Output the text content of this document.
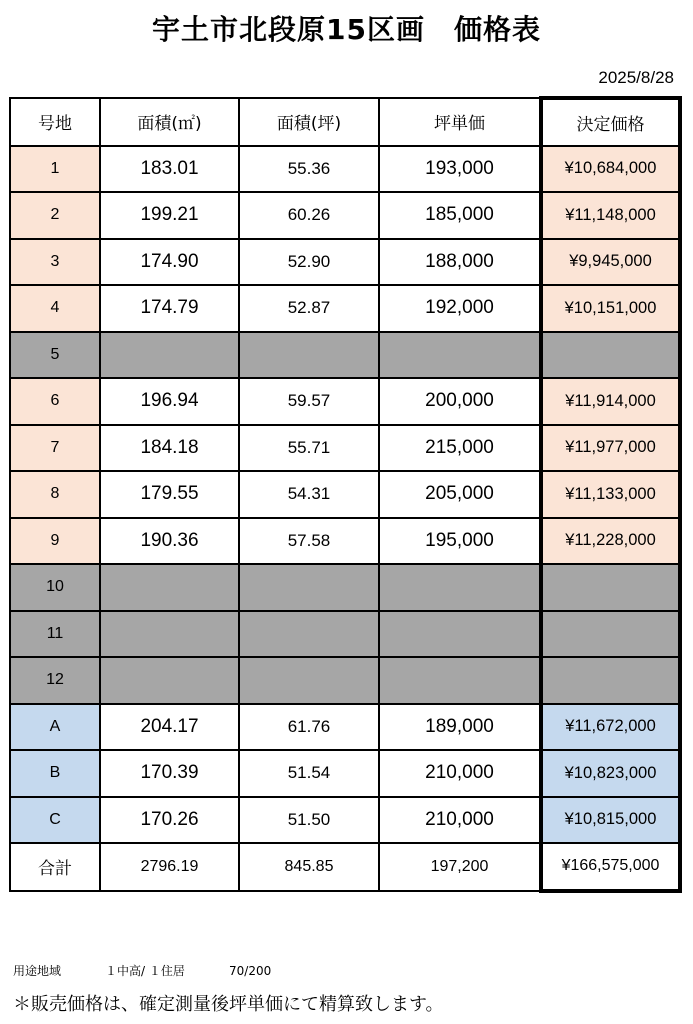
宇土市北段原15区画　価格表
2025/8/28
号地	面積(㎡)	面積(坪)	坪単価	決定価格
1	183.01	55.36	193,000	¥10,684,000
2	199.21	60.26	185,000	¥11,148,000
3	174.90	52.90	188,000	¥9,945,000
4	174.79	52.87	192,000	¥10,151,000
5				
6	196.94	59.57	200,000	¥11,914,000
7	184.18	55.71	215,000	¥11,977,000
8	179.55	54.31	205,000	¥11,133,000
9	190.36	57.58	195,000	¥11,228,000
10				
11				
12				
A	204.17	61.76	189,000	¥11,672,000
B	170.39	51.54	210,000	¥10,823,000
C	170.26	51.50	210,000	¥10,815,000
合計	2796.19	845.85	197,200	¥166,575,000
用途地域	１中高/ １住居	70/200
＊販売価格は、確定測量後坪単価にて精算致します。
